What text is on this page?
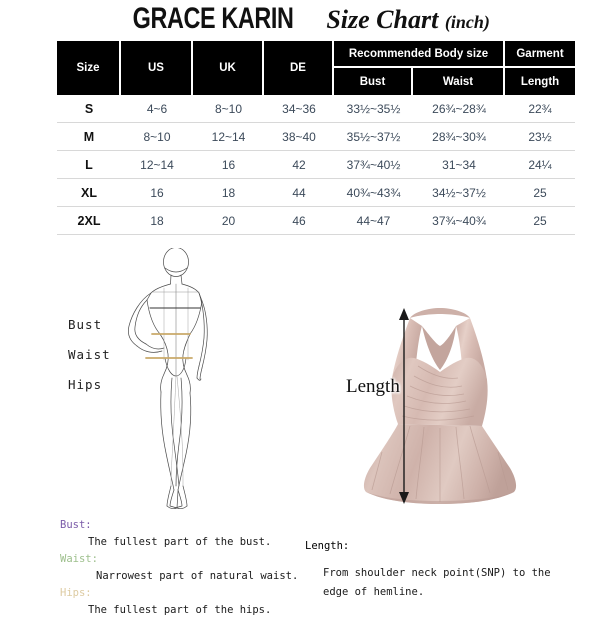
GRACE KARIN Size Chart (inch)
Size	US	UK	DE	Recommended Body size		Garment
				Bust	Waist	Length
S	4~6	8~10	34~36	33½~35½	26¾~28¾	22¾
M	8~10	12~14	38~40	35½~37½	28¾~30¾	23½
L	12~14	16	42	37¾~40½	31~34	24¼
XL	16	18	44	40¾~43¾	34½~37½	25
2XL	18	20	46	44~47	37¾~40¾	25
Bust
Waist
Hips	Length
Bust:
The fullest part of the bust.
Waist:
Narrowest part of natural waist.
Hips:
The fullest part of the hips.
Length:
From shoulder neck point(SNP) to the
edge of hemline.
